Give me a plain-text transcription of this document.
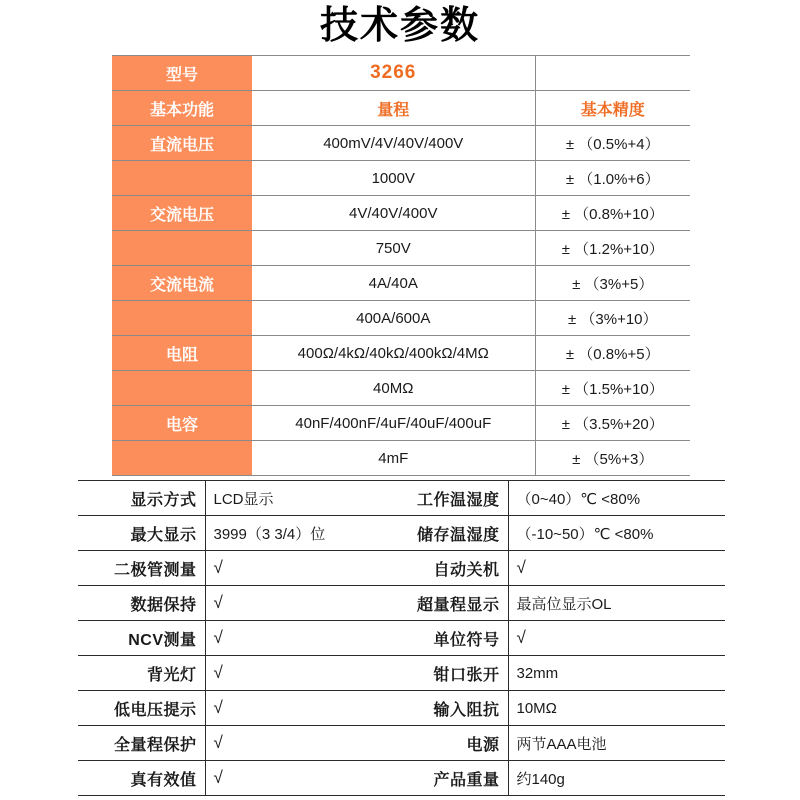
技术参数
型号	3266	
基本功能	量程	基本精度
直流电压	400mV/4V/40V/400V	± （0.5%+4）
	1000V	± （1.0%+6）
交流电压	4V/40V/400V	± （0.8%+10）
	750V	± （1.2%+10）
交流电流	4A/40A	± （3%+5）
	400A/600A	± （3%+10）
电阻	400Ω/4kΩ/40kΩ/400kΩ/4MΩ	± （0.8%+5）
	40MΩ	± （1.5%+10）
电容	40nF/400nF/4uF/40uF/400uF	± （3.5%+20）
	4mF	± （5%+3）
显示方式	LCD显示	工作温湿度	（0~40）℃ <80%
最大显示	3999（3 3/4）位	储存温湿度	（-10~50）℃ <80%
二极管测量	√	自动关机	√
数据保持	√	超量程显示	最高位显示OL
NCV测量	√	单位符号	√
背光灯	√	钳口张开	32mm
低电压提示	√	输入阻抗	10MΩ
全量程保护	√	电源	两节AAA电池
真有效值	√	产品重量	约140g
